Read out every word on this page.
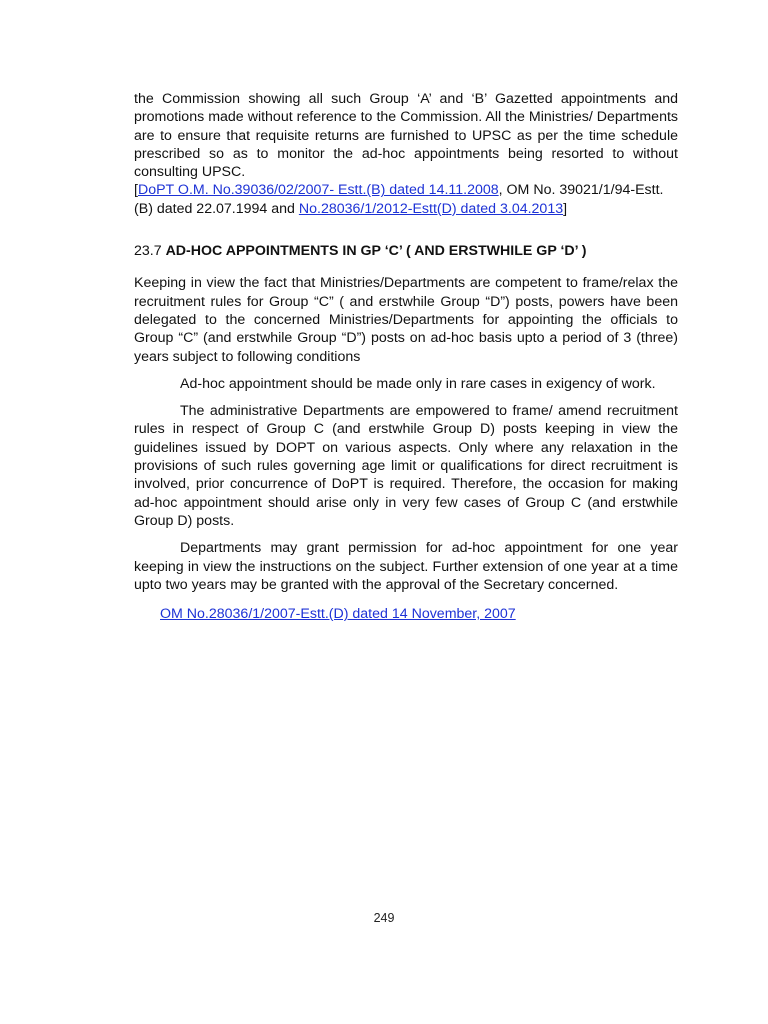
the Commission showing all such Group ‘A’ and ‘B’ Gazetted appointments and promotions made without reference to the Commission. All the Ministries/ Departments are to ensure that requisite returns are furnished to UPSC as per the time schedule prescribed so as to monitor the ad-hoc appointments being resorted to without consulting UPSC.

[DoPT O.M. No.39036/02/2007- Estt.(B) dated 14.11.2008, OM No. 39021/1/94-Estt.(B) dated 22.07.1994 and No.28036/1/2012-Estt(D) dated 3.04.2013]

23.7 AD-HOC APPOINTMENTS IN GP ‘C’ ( AND ERSTWHILE GP ‘D’ )

Keeping in view the fact that Ministries/Departments are competent to frame/relax the recruitment rules for Group “C” ( and erstwhile Group “D”) posts, powers have been delegated to the concerned Ministries/Departments for appointing the officials to Group “C” (and erstwhile Group “D”) posts on ad-hoc basis upto a period of 3 (three) years subject to following conditions

Ad-hoc appointment should be made only in rare cases in exigency of work.

The administrative Departments are empowered to frame/ amend recruitment rules in respect of Group C (and erstwhile Group D) posts keeping in view the guidelines issued by DOPT on various aspects. Only where any relaxation in the provisions of such rules governing age limit or qualifications for direct recruitment is involved, prior concurrence of DoPT is required. Therefore, the occasion for making ad-hoc appointment should arise only in very few cases of Group C (and erstwhile Group D) posts.

Departments may grant permission for ad-hoc appointment for one year keeping in view the instructions on the subject. Further extension of one year at a time upto two years may be granted with the approval of the Secretary concerned.

OM No.28036/1/2007-Estt.(D) dated 14 November, 2007

249
